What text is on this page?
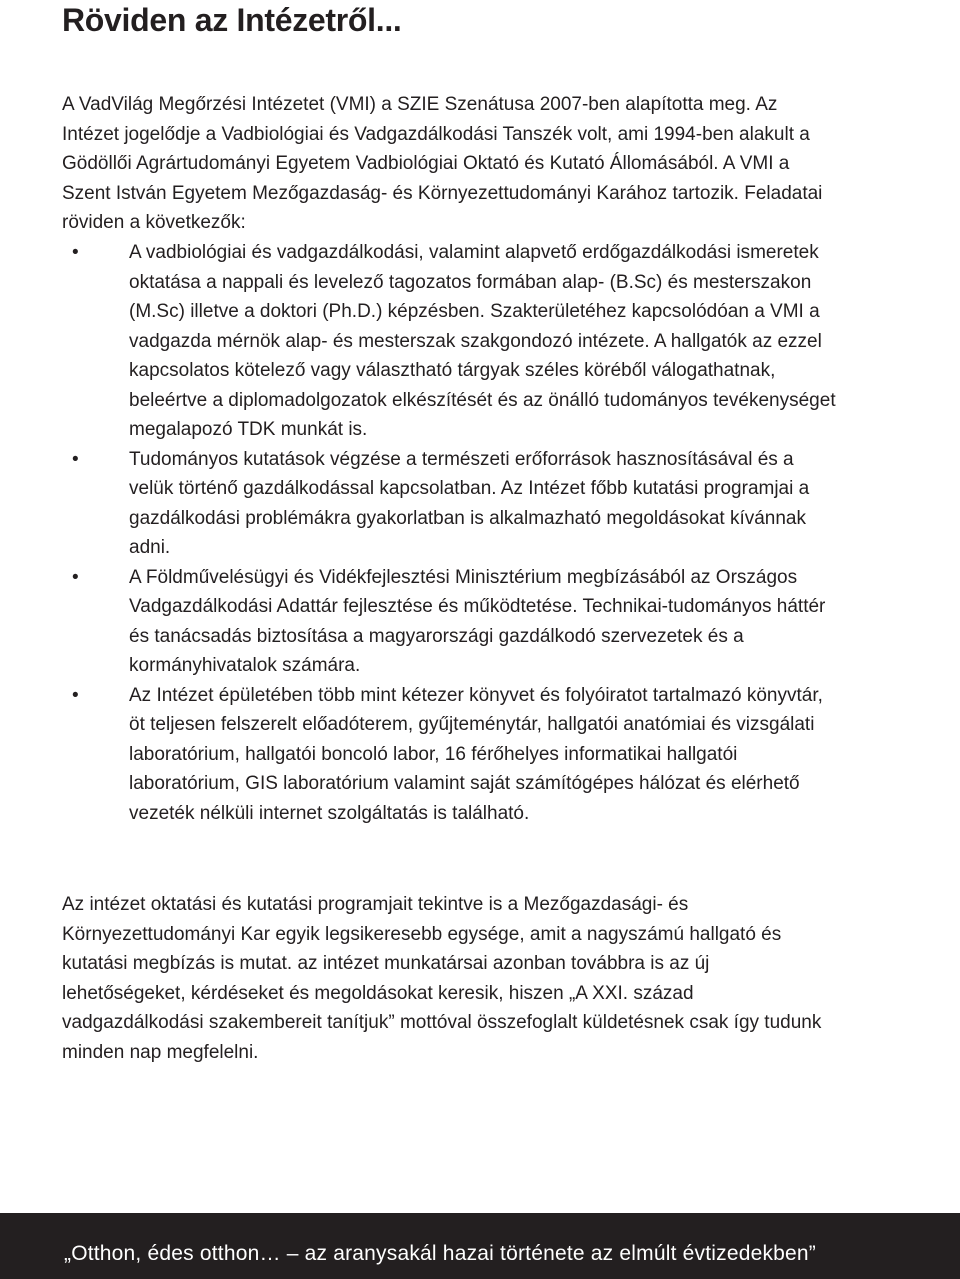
Röviden az Intézetről...

A VadVilág Megőrzési Intézetet (VMI) a SZIE Szenátusa 2007-ben alapította meg. Az Intézet jogelődje a Vadbiológiai és Vadgazdálkodási Tanszék volt, ami 1994-ben alakult a Gödöllői Agrártudományi Egyetem Vadbiológiai Oktató és Kutató Állomásából. A VMI a Szent István Egyetem Mezőgazdaság- és Környezettudományi Karához tartozik. Feladatai röviden a következők:

•	A vadbiológiai és vadgazdálkodási, valamint alapvető erdőgazdálkodási ismeretek oktatása a nappali és levelező tagozatos formában alap- (B.Sc) és mesterszakon (M.Sc) illetve a doktori (Ph.D.) képzésben. Szakterületéhez kapcsolódóan a VMI a vadgazda mérnök alap- és mesterszak szakgondozó intézete. A hallgatók az ezzel kapcsolatos kötelező vagy választható tárgyak széles köréből válogathatnak, beleértve a diplomadolgozatok elkészítését és az önálló tudományos tevékenységet megalapozó TDK munkát is.
•	Tudományos kutatások végzése a természeti erőforrások hasznosításával és a velük történő gazdálkodással kapcsolatban. Az Intézet főbb kutatási programjai a gazdálkodási problémákra gyakorlatban is alkalmazható megoldásokat kívánnak adni.
•	A Földművelésügyi és Vidékfejlesztési Minisztérium megbízásából az Országos Vadgazdálkodási Adattár fejlesztése és működtetése. Technikai-tudományos háttér és tanácsadás biztosítása a magyarországi gazdálkodó szervezetek és a kormányhivatalok számára.
•	Az Intézet épületében több mint kétezer könyvet és folyóiratot tartalmazó könyvtár, öt teljesen felszerelt előadóterem, gyűjteménytár, hallgatói anatómiai és vizsgálati laboratórium, hallgatói boncoló labor, 16 férőhelyes informatikai hallgatói laboratórium, GIS laboratórium valamint saját számítógépes hálózat és elérhető vezeték nélküli internet szolgáltatás is található.

Az intézet oktatási és kutatási programjait tekintve is a Mezőgazdasági- és Környezettudományi Kar egyik legsikeresebb egysége, amit a nagyszámú hallgató és kutatási megbízás is mutat. az intézet munkatársai azonban továbbra is az új lehetőségeket, kérdéseket és megoldásokat keresik, hiszen „A XXI. század vadgazdálkodási szakembereit tanítjuk” mottóval összefoglalt küldetésnek csak így tudunk minden nap megfelelni.

„Otthon, édes otthon… – az aranysakál hazai története az elmúlt évtizedekben”
